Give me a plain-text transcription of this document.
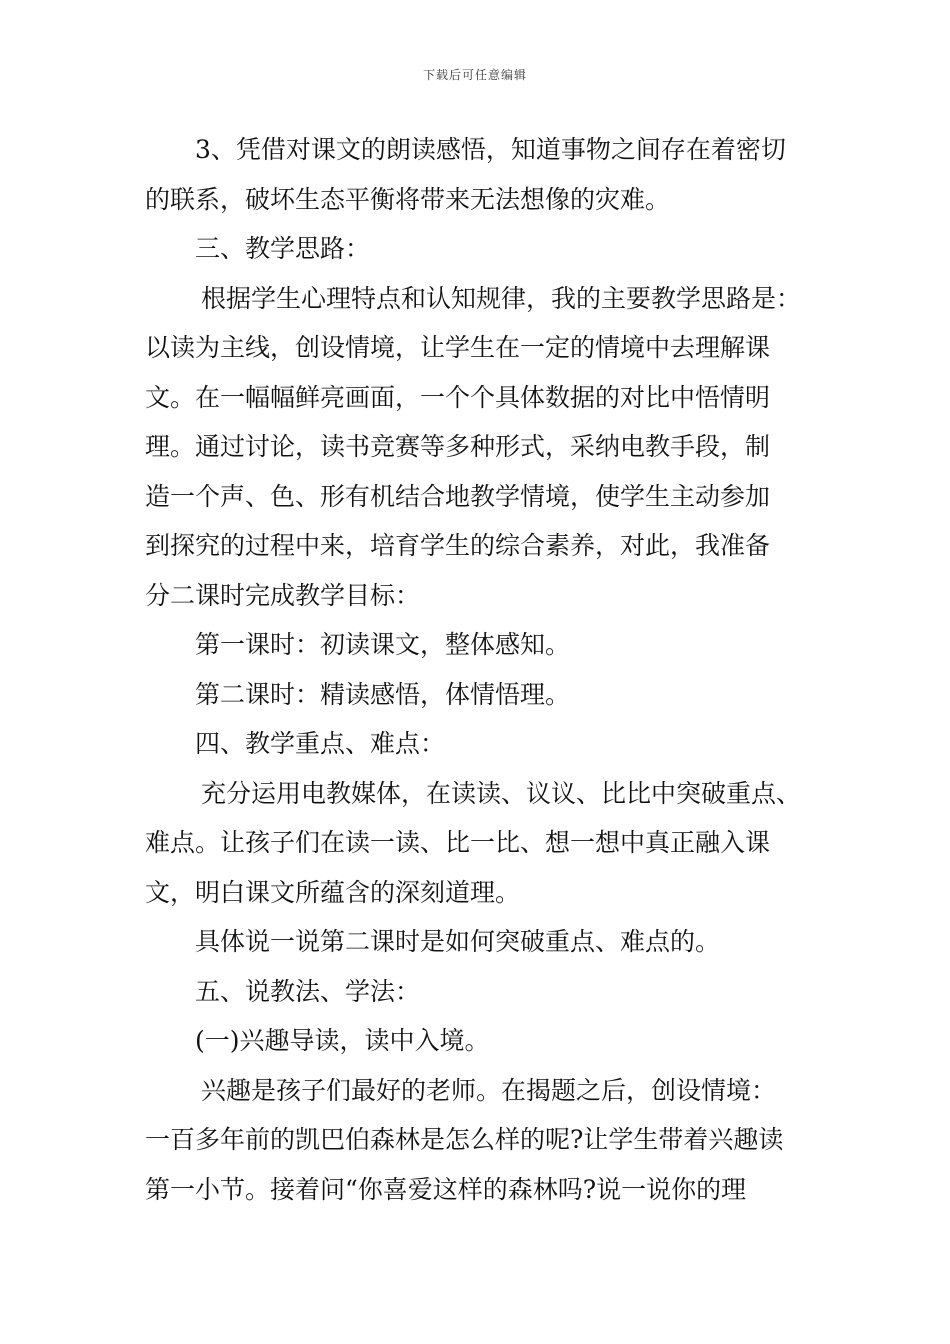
下载后可任意编辑
3、凭借对课文的朗读感悟，知道事物之间存在着密切
的联系，破坏生态平衡将带来无法想像的灾难。
三、教学思路：
根据学生心理特点和认知规律，我的主要教学思路是：
以读为主线，创设情境，让学生在一定的情境中去理解课
文。在一幅幅鲜亮画面，一个个具体数据的对比中悟情明
理。通过讨论，读书竞赛等多种形式，采纳电教手段，制
造一个声、色、形有机结合地教学情境，使学生主动参加
到探究的过程中来，培育学生的综合素养，对此，我准备
分二课时完成教学目标：
第一课时：初读课文，整体感知。
第二课时：精读感悟，体情悟理。
四、教学重点、难点：
充分运用电教媒体，在读读、议议、比比中突破重点、
难点。让孩子们在读一读、比一比、想一想中真正融入课
文，明白课文所蕴含的深刻道理。
具体说一说第二课时是如何突破重点、难点的。
五、说教法、学法：
(一)兴趣导读，读中入境。
兴趣是孩子们最好的老师。在揭题之后，创设情境：
一百多年前的凯巴伯森林是怎么样的呢?让学生带着兴趣读
第一小节。接着问“你喜爱这样的森林吗?说一说你的理
